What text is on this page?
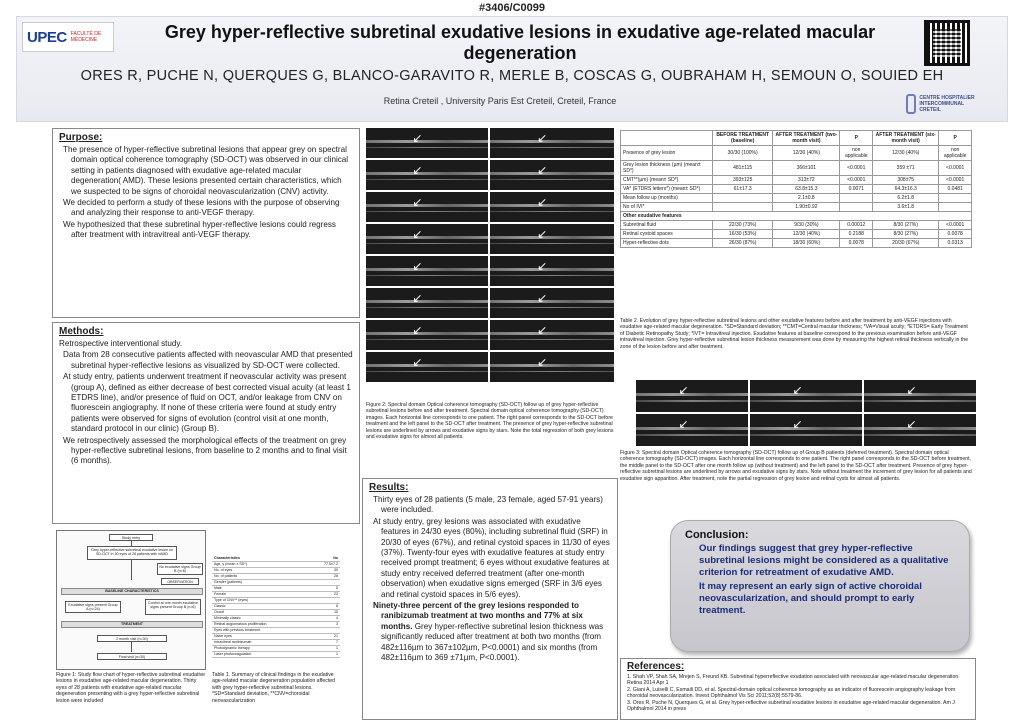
#3406/C0099
UPEC FACULTÉ DE MÉDECINE	Grey hyper-reflective subretinal exudative lesions in exudative age-related macular degeneration
ORES R, PUCHE N, QUERQUES G, BLANCO-GARAVITO R, MERLE B, COSCAS G, OUBRAHAM H, SEMOUN O, SOUIED EH
Retina Creteil , University Paris Est Creteil, Creteil, France	CENTRE HOSPITALIER INTERCOMMUNAL CRETEIL
Purpose:

The presence of hyper-reflective subretinal lesions that appear grey on spectral domain optical coherence tomography (SD-OCT) was observed in our clinical setting in patients diagnosed with exudative age-related macular degeneration( AMD). These lesions presented certain characteristics, which we suspected to be signs of choroidal neovascularization (CNV) activity.

We decided to perform a study of these lesions with the purpose of observing and analyzing their response to anti-VEGF therapy.

We hypothesized that these subretinal hyper-reflective lesions could regress after treatment with intravitreal anti-VEGF therapy.

Methods:

Retrospective interventional study.

Data from 28 consecutive patients affected with neovascular AMD that presented subretinal hyper-reflective lesions as visualized by SD-OCT were collected.

At study entry, patients underwent treatment if neovascular activity was present (group A), defined as either decrease of best corrected visual acuity (at least 1 ETDRS line), and/or presence of fluid on OCT, and/or leakage from CNV on fluorescein angiography. If none of these criteria were found at study entry patients were observed for signs of evolution (control visit at one month, standard protocol in our clinic) (Group B).

We retrospectively assessed the morphological effects of the treatment on grey hyper-reflective subretinal lesions, from baseline to 2 months and to final visit (6 months).

Study entry
Grey hyper-reflective subretinal exudative lesion on SD-OCT in 30 eyes of 28 patients with nAMD
No exudative signs Group B (n=6)
OBSERVATION
BASELINE CHARACTERISTICS
Exudative signs present Group A (n=24)
Control at one month exudative signs present Group B (n=6)
TREATMENT
2 month visit (n=30)
Final visit (n=30)
Figure 1: Study flow chart of hyper-reflective subretinal exudative lesions in exudative age-related macular degeneration. Thirty eyes of 28 patients with exudative age-related macular degeneration presenting with a grey hyper-reflective subretinal lesion were included
Characteristics	No
Age, y (mean ± SD*)	77.5±7.2
No. of eyes	30
No. of patients	28
Gender (patients)	
Male	5
Female	23
Type of CNV** (eyes)	
Classic	8
Occult	15
Minimally classic	4
Retinal angiomatous proliferation	3
Eyes with previous treatment	
Naive eyes	21
Intravitreal ranibizumab	7
Photodynamic therapy	1
Laser photocoagulation	1
Table 1. Summary of clinical findings in the exudative age-related macular degeneration population affected with grey hyper-reflective subretinal lesions. *SD=Standard deviation, **CNV=choroidal neovascularization
↙	↙
↙	↙
↙	↙
↙	↙
↙	↙
↙	↙
↙	↙
↙	↙
Figure 2: Spectral domain Optical coherence tomography (SD-OCT) follow up of grey hyper-reflective subretinal lesions before and after treatment. Spectral domain optical coherence tomography (SD-OCT) images. Each horizontal line corresponds to one patient. The right panel corresponds to the SD-OCT before treatment and the left panel to the SD-OCT after treatment. The presence of grey hyper-reflective subretinal lesions are underlined by arrows and exudative signs by stars. Note the total regression of both grey lesions and exudative signs for almost all patients.
Results:

Thirty eyes of 28 patients (5 male, 23 female, aged 57-91 years) were included.

At study entry, grey lesions was associated with exudative features in 24/30 eyes (80%), including subretinal fluid (SRF) in 20/30 of eyes (67%), and retinal cystoid spaces in 11/30 of eyes (37%). Twenty-four eyes with exudative features at study entry received prompt treatment; 6 eyes without exudative features at study entry received deferred treatment (after one-month observation) when exudative signs emerged (SRF in 3/6 eyes and retinal cystoid spaces in 5/6 eyes).

Ninety-three percent of the grey lesions responded to ranibizumab treatment at two months and 77% at six months. Grey hyper-reflective subretinal lesion thickness was significantly reduced after treatment at both two months (from 482±116µm to 367±102µm, P<0.0001) and six months (from 482±116µm to 369 ±71µm, P<0.0001).

	BEFORE TREATMENT (baseline)	AFTER TREATMENT (two-month visit)	P	AFTER TREATMENT (six-month visit)	P
Presence of grey lesion	30/30 (100%)	12/30 (40%)	non applicable	12/30 (40%)	non applicable
Grey lesion thickness (µm) (mean± SD*)	481±115	366±101	<0.0001	359 ±71	<0.0001
CMT**(µm) (mean± SD*)	393±125	313±72	<0.0001	308±75	<0.0001
VA* (ETDRS letters*) (mean± SD*)	61±17.3	63.8±15.3	0.0071	64.3±16.3	0.0481
Mean follow up (months)		2.1±0.8		6.2±1.8	
No of IVI*		1.90±0.92		3.6±1.8	
Other exudative features					
Subretinal fluid	22/30 (73%)	9/30 (30%)	0.00012	8/30 (27%)	<0.0001
Retinal cystoid spaces	16/30 (53%)	12/30 (40%)	0.2188	8/30 (27%)	0.0078
Hyper-reflective dots	26/30 (87%)	18/30 (60%)	0.0078	20/30 (67%)	0.0313
Table 2. Evolution of grey hyper-reflective subretinal lesions and other exudative features before and after treatment by anti-VEGF injections with exudative age-related macular degeneration. *SD=Standard deviation; **CMT=Central macular thickness; *VA=Visual acuity; *ETDRS= Early Treatment of Diabetic Retinopathy Study; *IVT= Intravitreal injection. Exudative features at baseline correspond to the previous examination before anti-VEGF intravitreal injection. Grey hyper-reflective subretinal lesion thickness measurement was done by measuring the highest retinal thickness vertically in the zone of the lesion before and after treatment.
↙	↙	↙
↙	↙	↙
Figure 3: Spectral domain Optical coherence tomography (SD-OCT) follow up of Group B patients (deferred treatment). Spectral domain optical coherence tomography (SD-OCT) images. Each horizontal line corresponds to one patient. The right panel corresponds to the SD-OCT before treatment, the middle panel to the SD-OCT after one month follow up (without treatment) and the left panel to the SD-OCT after treatment. Presence of grey hyper-reflective subretinal lesions are underlined by arrows and exudative signs by stars. Note without treatment the increment of grey lesion for all patients and exudative sign apparition. After treatment, note the partial regression of grey lesion and retinal cysts for almost all patients.
Conclusion:
Our findings suggest that grey hyper-reflective subretinal lesions might be considered as a qualitative criterion for retreatment of exudative AMD.
It may represent an early sign of active choroidal neovascularization, and should prompt to early treatment.
References:
1. Shah VP, Shah SA, Mrejen S, Freund KB. Subretinal hyperreflective exudation associated with neovascular age-related macular degeneration. Retina 2014 Apr 1
2. Giani A, Luiselli C, Esmaili DD, et al. Spectral-domain optical coherence tomography as an indicator of fluorescein angiography leakage from choroidal neovascularization. Invest Ophthalmol Vis Sci 2011;52(8):5579-86.
3. Ores R, Puche N, Querques G, et al. Grey hyper-reflective subretinal exudative lesions in exudative age-related macular degeneration. Am J Ophthalmol 2014 in press
